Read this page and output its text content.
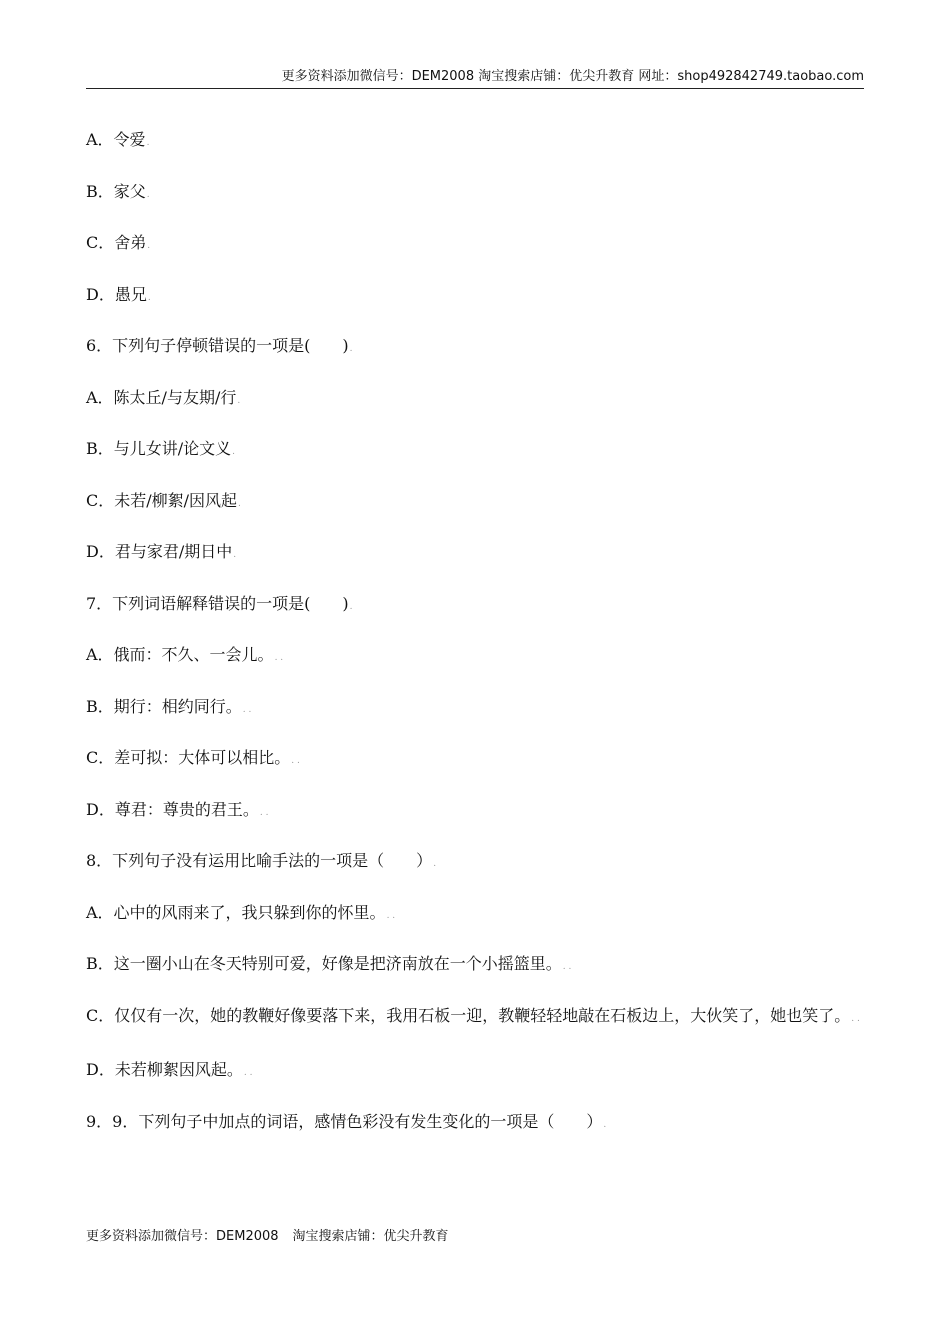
更多资料添加微信号：DEM2008 淘宝搜索店铺：优尖升教育 网址：shop492842749.taobao.com
A．令爱.
B．家父.
C．舍弟.
D．愚兄.
6．下列句子停顿错误的一项是(　　).
A．陈太丘/与友期/行.
B．与儿女讲/论文义.
C．未若/柳絮/因风起.
D．君与家君/期日中.
7．下列词语解释错误的一项是(　　).
A．俄而：不久、一会儿。. .
B．期行：相约同行。. .
C．差可拟：大体可以相比。. .
D．尊君：尊贵的君王。. .
8．下列句子没有运用比喻手法的一项是（　　）.
A．心中的风雨来了，我只躲到你的怀里。. .
B．这一圈小山在冬天特别可爱，好像是把济南放在一个小摇篮里。. .
C．仅仅有一次，她的教鞭好像要落下来，我用石板一迎，教鞭轻轻地敲在石板边上，大伙笑了，她也笑了。. .
D．未若柳絮因风起。. .
9．9．下列句子中加点的词语，感情色彩没有发生变化的一项是（　　）.
更多资料添加微信号：DEM2008 淘宝搜索店铺：优尖升教育
